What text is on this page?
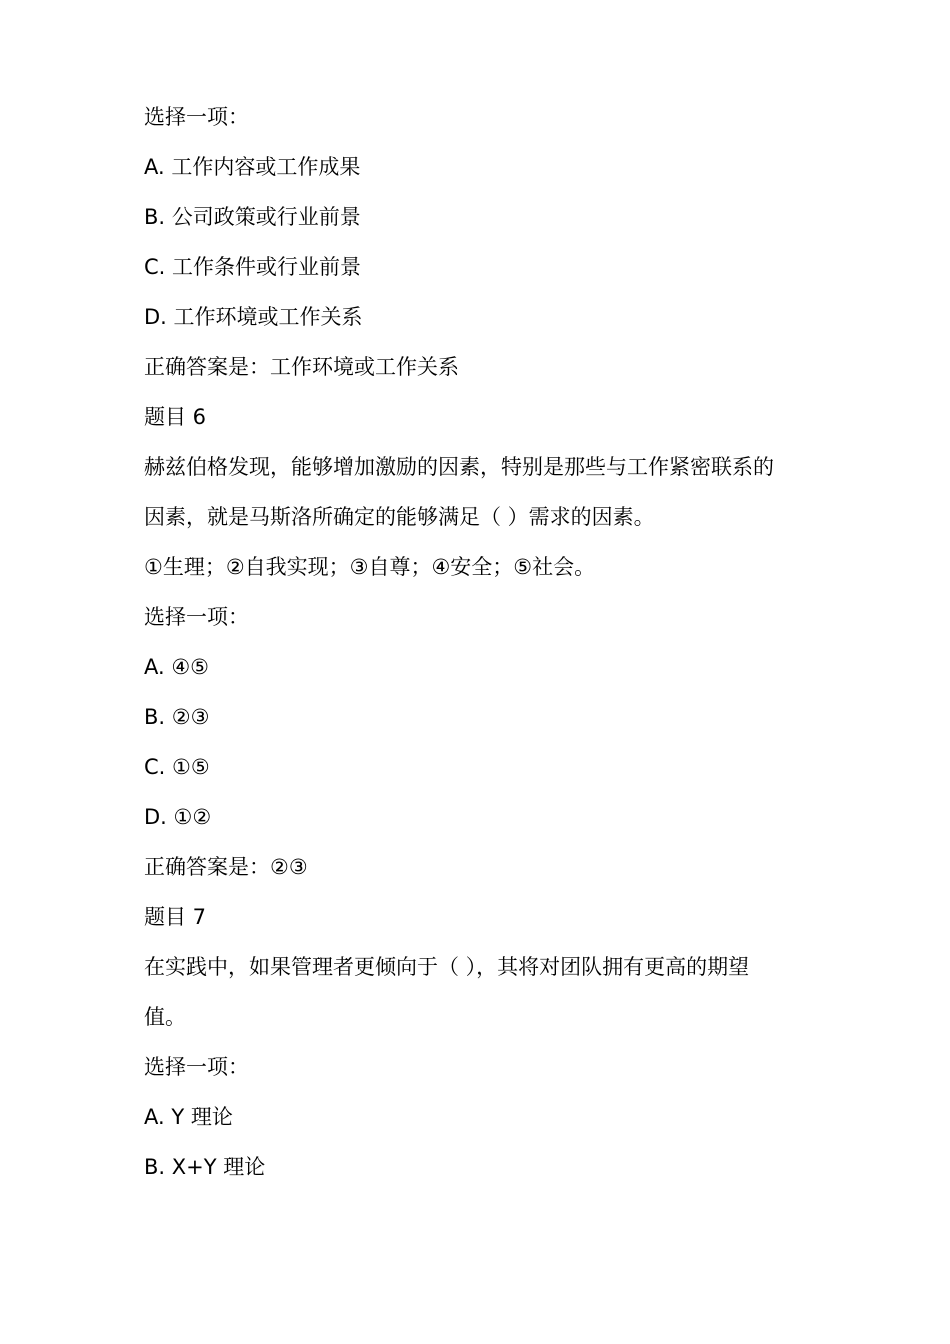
选择一项：
A. 工作内容或工作成果
B. 公司政策或行业前景
C. 工作条件或行业前景
D. 工作环境或工作关系
正确答案是：工作环境或工作关系
题目 6
赫兹伯格发现，能够增加激励的因素，特别是那些与工作紧密联系的
因素，就是马斯洛所确定的能够满足（ ）需求的因素。
①生理；②自我实现；③自尊；④安全；⑤社会。
选择一项：
A. ④⑤
B. ②③
C. ①⑤
D. ①②
正确答案是：②③
题目 7
在实践中，如果管理者更倾向于（ ），其将对团队拥有更高的期望
值。
选择一项：
A. Y 理论
B. X+Y 理论
